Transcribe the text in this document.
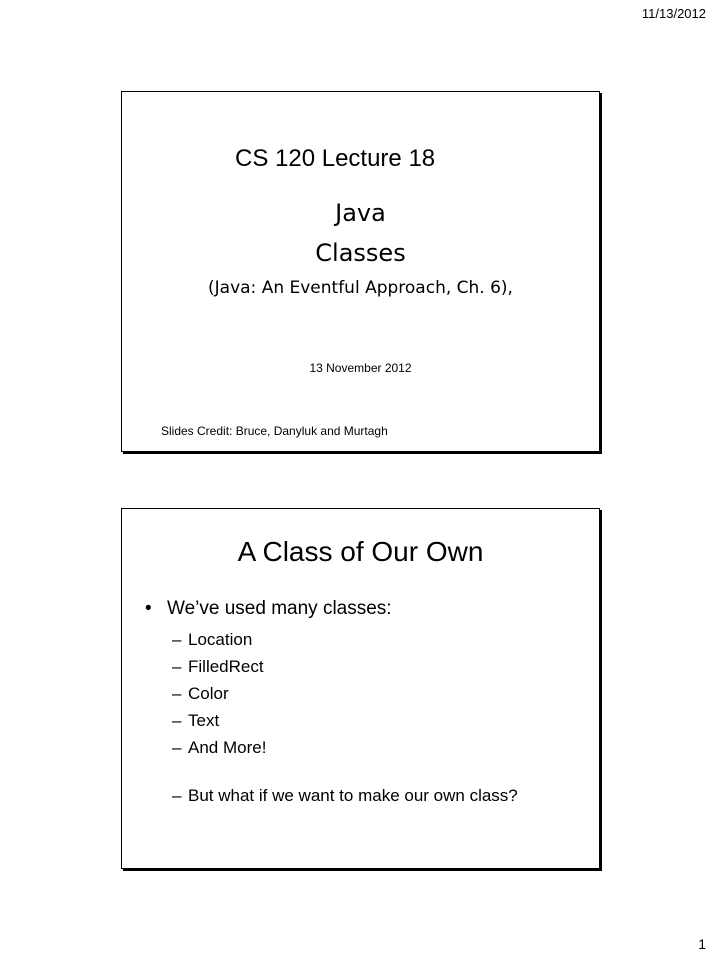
11/13/2012
CS 120 Lecture 18
Java
Classes
(Java: An Eventful Approach, Ch. 6),
13 November 2012
Slides Credit: Bruce, Danyluk and Murtagh
A Class of Our Own
• We’ve used many classes:
– Location
– FilledRect
– Color
– Text
– And More!
– But what if we want to make our own class?
1
